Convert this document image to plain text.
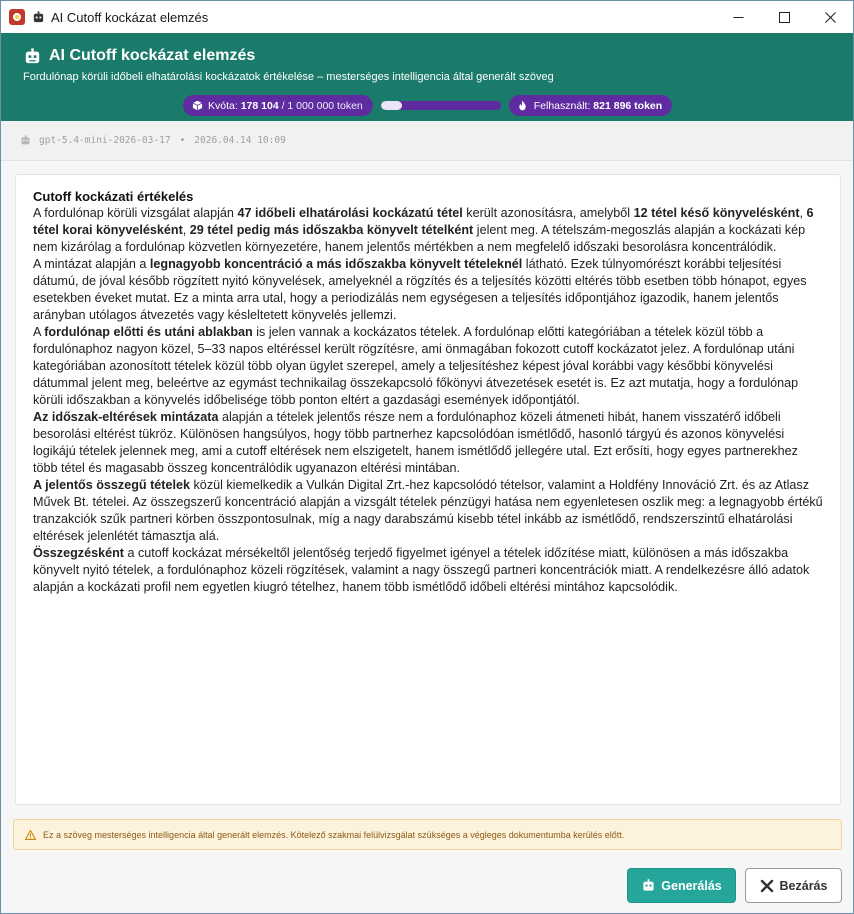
AI Cutoff kockázat elemzés
AI Cutoff kockázat elemzés
Fordulónap körüli időbeli elhatárolási kockázatok értékelése – mesterséges intelligencia által generált szöveg
Kvóta:
178 104
/ 1 000 000 token	Felhasznált:
821 896 token
gpt-5.4-mini-2026-03-17 • 2026.04.14 10:09
Cutoff kockázati értékelés

A fordulónap körüli vizsgálat alapján 47 időbeli elhatárolási kockázatú tétel került azonosításra, amelyből 12 tétel késő könyvelésként, 6 tétel korai könyvelésként, 29 tétel pedig más időszakba könyvelt tételként jelent meg. A tételszám-megoszlás alapján a kockázati kép nem kizárólag a fordulónap közvetlen környezetére, hanem jelentős mértékben a nem megfelelő időszaki besorolásra koncentrálódik.

A mintázat alapján a legnagyobb koncentráció a más időszakba könyvelt tételeknél látható. Ezek túlnyomórészt korábbi teljesítési dátumú, de jóval később rögzített nyitó könyvelések, amelyeknél a rögzítés és a teljesítés közötti eltérés több esetben több hónapot, egyes esetekben éveket mutat. Ez a minta arra utal, hogy a periodizálás nem egységesen a teljesítés időpontjához igazodik, hanem jelentős arányban utólagos átvezetés vagy késleltetett könyvelés jellemzi.

A fordulónap előtti és utáni ablakban is jelen vannak a kockázatos tételek. A fordulónap előtti kategóriában a tételek közül több a fordulónaphoz nagyon közel, 5–33 napos eltéréssel került rögzítésre, ami önmagában fokozott cutoff kockázatot jelez. A fordulónap utáni kategóriában azonosított tételek közül több olyan ügylet szerepel, amely a teljesítéshez képest jóval korábbi vagy későbbi könyvelési dátummal jelent meg, beleértve az egymást technikailag összekapcsoló főkönyvi átvezetések esetét is. Ez azt mutatja, hogy a fordulónap körüli időszakban a könyvelés időbelisége több ponton eltért a gazdasági események időpontjától.

Az időszak-eltérések mintázata alapján a tételek jelentős része nem a fordulónaphoz közeli átmeneti hibát, hanem visszatérő időbeli besorolási eltérést tükröz. Különösen hangsúlyos, hogy több partnerhez kapcsolódóan ismétlődő, hasonló tárgyú és azonos könyvelési logikájú tételek jelennek meg, ami a cutoff eltérések nem elszigetelt, hanem ismétlődő jellegére utal. Ezt erősíti, hogy egyes partnerekhez több tétel és magasabb összeg koncentrálódik ugyanazon eltérési mintában.

A jelentős összegű tételek közül kiemelkedik a Vulkán Digital Zrt.-hez kapcsolódó tételsor, valamint a Holdfény Innováció Zrt. és az Atlasz Művek Bt. tételei. Az összegszerű koncentráció alapján a vizsgált tételek pénzügyi hatása nem egyenletesen oszlik meg: a legnagyobb értékű tranzakciók szűk partneri körben összpontosulnak, míg a nagy darabszámú kisebb tétel inkább az ismétlődő, rendszerszintű elhatárolási eltérések jelenlétét támasztja alá.

Összegzésként a cutoff kockázat mérsékeltől jelentőség terjedő figyelmet igényel a tételek időzítése miatt, különösen a más időszakba könyvelt nyitó tételek, a fordulónaphoz közeli rögzítések, valamint a nagy összegű partneri koncentrációk miatt. A rendelkezésre álló adatok alapján a kockázati profil nem egyetlen kiugró tételhez, hanem több ismétlődő időbeli eltérési mintához kapcsolódik.

Ez a szöveg mesterséges intelligencia által generált elemzés. Kötelező szakmai felülvizsgálat szükséges a végleges dokumentumba kerülés előtt.
Generálás	Bezárás
